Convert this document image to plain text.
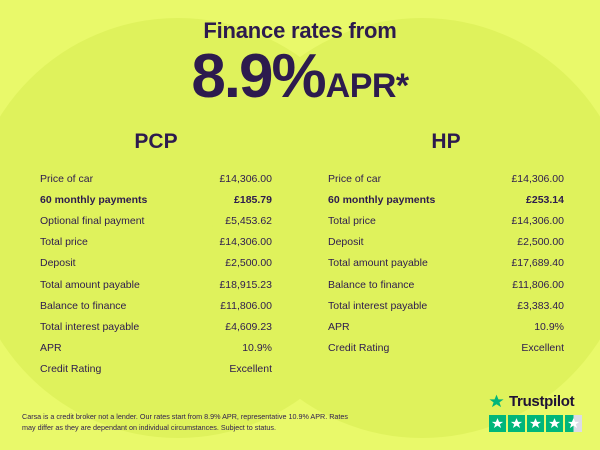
Finance rates from
8.9%APR*
PCP
Price of car	£14,306.00
60 monthly payments	£185.79
Optional final payment	£5,453.62
Total price	£14,306.00
Deposit	£2,500.00
Total amount payable	£18,915.23
Balance to finance	£11,806.00
Total interest payable	£4,609.23
APR	10.9%
Credit Rating	Excellent
HP
Price of car	£14,306.00
60 monthly payments	£253.14
Total price	£14,306.00
Deposit	£2,500.00
Total amount payable	£17,689.40
Balance to finance	£11,806.00
Total interest payable	£3,383.40
APR	10.9%
Credit Rating	Excellent
Carsa is a credit broker not a lender. Our rates start from 8.9% APR, representative 10.9% APR. Rates may differ as they are dependant on individual circumstances. Subject to status.
Trustpilot
